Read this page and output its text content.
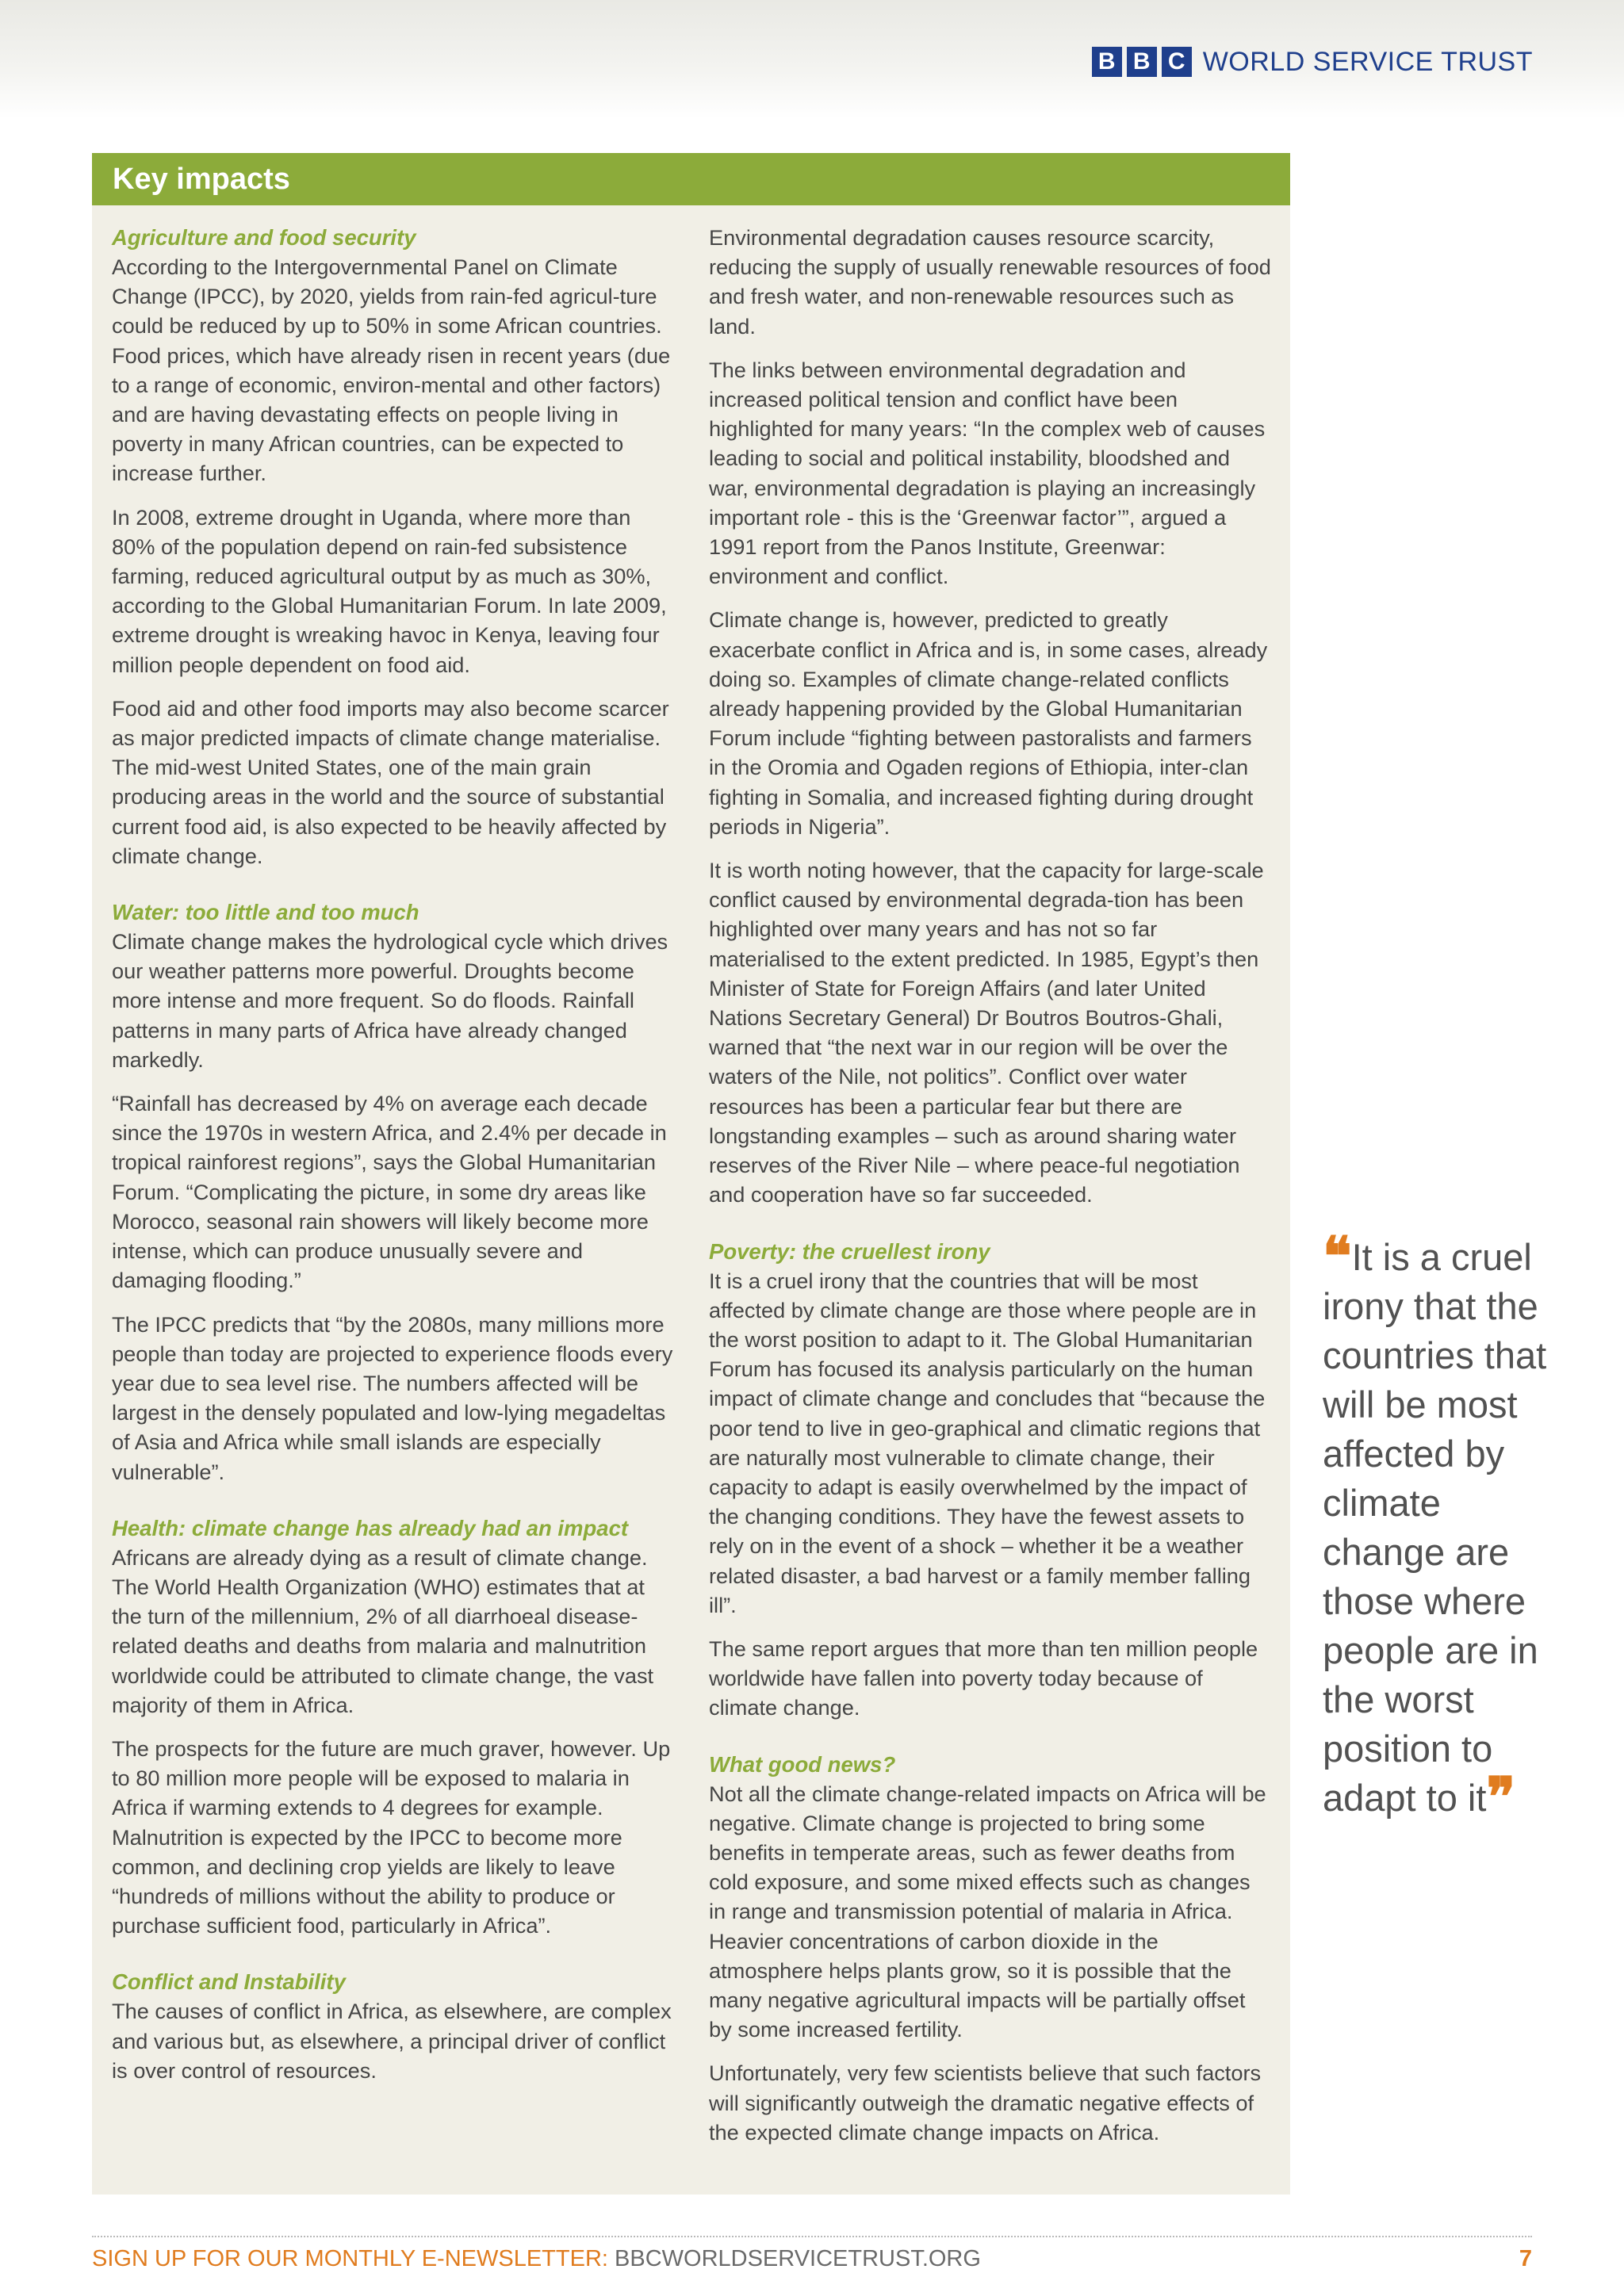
B B C WORLD SERVICE TRUST
Key impacts
Agriculture and food security

According to the Intergovernmental Panel on Climate Change (IPCC), by 2020, yields from rain-fed agricul-ture could be reduced by up to 50% in some African countries. Food prices, which have already risen in recent years (due to a range of economic, environ-mental and other factors) and are having devastating effects on people living in poverty in many African countries, can be expected to increase further.

In 2008, extreme drought in Uganda, where more than 80% of the population depend on rain-fed subsistence farming, reduced agricultural output by as much as 30%, according to the Global Humanitarian Forum. In late 2009, extreme drought is wreaking havoc in Kenya, leaving four million people dependent on food aid.

Food aid and other food imports may also become scarcer as major predicted impacts of climate change materialise. The mid-west United States, one of the main grain producing areas in the world and the source of substantial current food aid, is also expected to be heavily affected by climate change.

Water: too little and too much

Climate change makes the hydrological cycle which drives our weather patterns more powerful. Droughts become more intense and more frequent. So do floods. Rainfall patterns in many parts of Africa have already changed markedly.

“Rainfall has decreased by 4% on average each decade since the 1970s in western Africa, and 2.4% per decade in tropical rainforest regions”, says the Global Humanitarian Forum. “Complicating the picture, in some dry areas like Morocco, seasonal rain showers will likely become more intense, which can produce unusually severe and damaging flooding.”

The IPCC predicts that “by the 2080s, many millions more people than today are projected to experience floods every year due to sea level rise. The numbers affected will be largest in the densely populated and low-lying megadeltas of Asia and Africa while small islands are especially vulnerable”.

Health: climate change has already had an impact

Africans are already dying as a result of climate change. The World Health Organization (WHO) estimates that at the turn of the millennium, 2% of all diarrhoeal disease-related deaths and deaths from malaria and malnutrition worldwide could be attributed to climate change, the vast majority of them in Africa.

The prospects for the future are much graver, however. Up to 80 million more people will be exposed to malaria in Africa if warming extends to 4 degrees for example. Malnutrition is expected by the IPCC to become more common, and declining crop yields are likely to leave “hundreds of millions without the ability to produce or purchase sufficient food, particularly in Africa”.

Conflict and Instability

The causes of conflict in Africa, as elsewhere, are complex and various but, as elsewhere, a principal driver of conflict is over control of resources.

Environmental degradation causes resource scarcity, reducing the supply of usually renewable resources of food and fresh water, and non-renewable resources such as land.

The links between environmental degradation and increased political tension and conflict have been highlighted for many years: “In the complex web of causes leading to social and political instability, bloodshed and war, environmental degradation is playing an increasingly important role - this is the ‘Greenwar factor’”, argued a 1991 report from the Panos Institute, Greenwar: environment and conflict.

Climate change is, however, predicted to greatly exacerbate conflict in Africa and is, in some cases, already doing so. Examples of climate change-related conflicts already happening provided by the Global Humanitarian Forum include “fighting between pastoralists and farmers in the Oromia and Ogaden regions of Ethiopia, inter-clan fighting in Somalia, and increased fighting during drought periods in Nigeria”.

It is worth noting however, that the capacity for large-scale conflict caused by environmental degrada-tion has been highlighted over many years and has not so far materialised to the extent predicted. In 1985, Egypt’s then Minister of State for Foreign Affairs (and later United Nations Secretary General) Dr Boutros Boutros-Ghali, warned that “the next war in our region will be over the waters of the Nile, not politics”. Conflict over water resources has been a particular fear but there are longstanding examples – such as around sharing water reserves of the River Nile – where peace-ful negotiation and cooperation have so far succeeded.

Poverty: the cruellest irony

It is a cruel irony that the countries that will be most affected by climate change are those where people are in the worst position to adapt to it. The Global Humanitarian Forum has focused its analysis particularly on the human impact of climate change and concludes that “because the poor tend to live in geo-graphical and climatic regions that are naturally most vulnerable to climate change, their capacity to adapt is easily overwhelmed by the impact of the changing conditions. They have the fewest assets to rely on in the event of a shock – whether it be a weather related disaster, a bad harvest or a family member falling ill”.

The same report argues that more than ten million people worldwide have fallen into poverty today because of climate change.

What good news?

Not all the climate change-related impacts on Africa will be negative. Climate change is projected to bring some benefits in temperate areas, such as fewer deaths from cold exposure, and some mixed effects such as changes in range and transmission potential of malaria in Africa. Heavier concentrations of carbon dioxide in the atmosphere helps plants grow, so it is possible that the many negative agricultural impacts will be partially offset by some increased fertility.

Unfortunately, very few scientists believe that such factors will significantly outweigh the dramatic negative effects of the expected climate change impacts on Africa.

❝It is a cruel irony that the countries that will be most affected by climate change are those where people are in the worst position to adapt to it❞
SIGN UP FOR OUR MONTHLY E-NEWSLETTER: BBCWORLDSERVICETRUST.ORG	7
